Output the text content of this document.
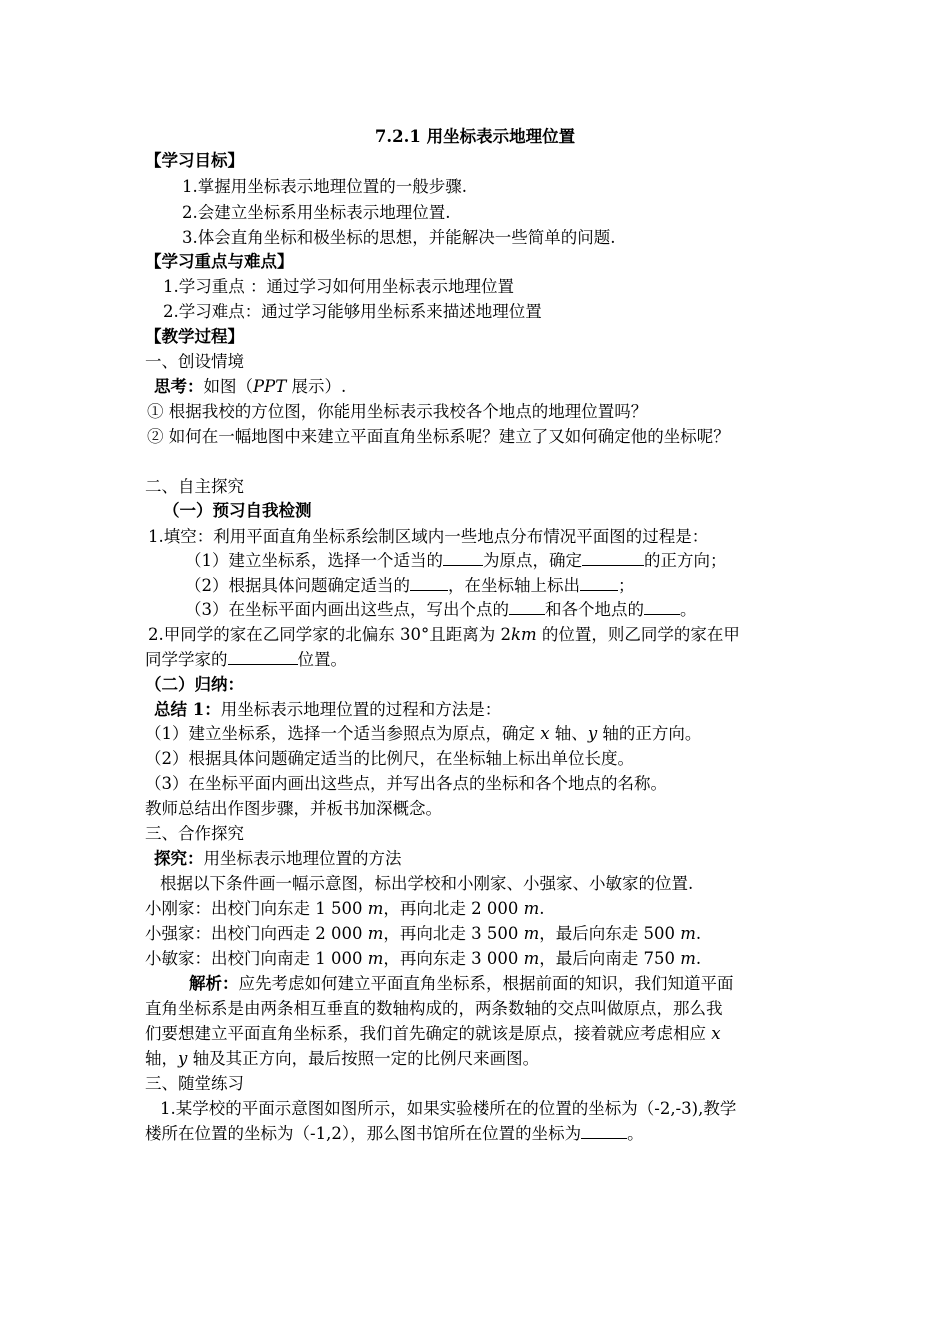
7.2.1 用坐标表示地理位置
【学习目标】
1.掌握用坐标表示地理位置的一般步骤.
2.会建立坐标系用坐标表示地理位置.
3.体会直角坐标和极坐标的思想，并能解决一些简单的问题.
【学习重点与难点】
1.学习重点 ：通过学习如何用坐标表示地理位置
2.学习难点：通过学习能够用坐标系来描述地理位置
【教学过程】
一、创设情境
思考：如图（PPT 展示）.
① 根据我校的方位图，你能用坐标表示我校各个地点的地理位置吗？
② 如何在一幅地图中来建立平面直角坐标系呢？建立了又如何确定他的坐标呢？
二、自主探究
（一）预习自我检测
1.填空：利用平面直角坐标系绘制区域内一些地点分布情况平面图的过程是：
（1）建立坐标系，选择一个适当的 为原点，确定	的正方向；
（2）根据具体问题确定适当的 ，在坐标轴上标出 ；
（3）在坐标平面内画出这些点，写出个点的 和各个地点的 。
2.甲同学的家在乙同学家的北偏东 30°且距离为 2km 的位置，则乙同学的家在甲
同学学家的	位置。
（二）归纳：
总结 1：用坐标表示地理位置的过程和方法是：
（1）建立坐标系，选择一个适当参照点为原点，确定 x 轴、y 轴的正方向。
（2）根据具体问题确定适当的比例尺，在坐标轴上标出单位长度。
（3）在坐标平面内画出这些点，并写出各点的坐标和各个地点的名称。
教师总结出作图步骤，并板书加深概念。
三、合作探究
探究：用坐标表示地理位置的方法
根据以下条件画一幅示意图，标出学校和小刚家、小强家、小敏家的位置.
小刚家：出校门向东走 1 500 m，再向北走 2 000 m.
小强家：出校门向西走 2 000 m，再向北走 3 500 m，最后向东走 500 m.
小敏家：出校门向南走 1 000 m，再向东走 3 000 m，最后向南走 750 m.
解析：应先考虑如何建立平面直角坐标系，根据前面的知识，我们知道平面
直角坐标系是由两条相互垂直的数轴构成的，两条数轴的交点叫做原点，那么我
们要想建立平面直角坐标系，我们首先确定的就该是原点，接着就应考虑相应 x
轴，y 轴及其正方向，最后按照一定的比例尺来画图。
三、随堂练习
1.某学校的平面示意图如图所示，如果实验楼所在的位置的坐标为（-2,-3),教学
楼所在位置的坐标为（-1,2），那么图书馆所在位置的坐标为	。
